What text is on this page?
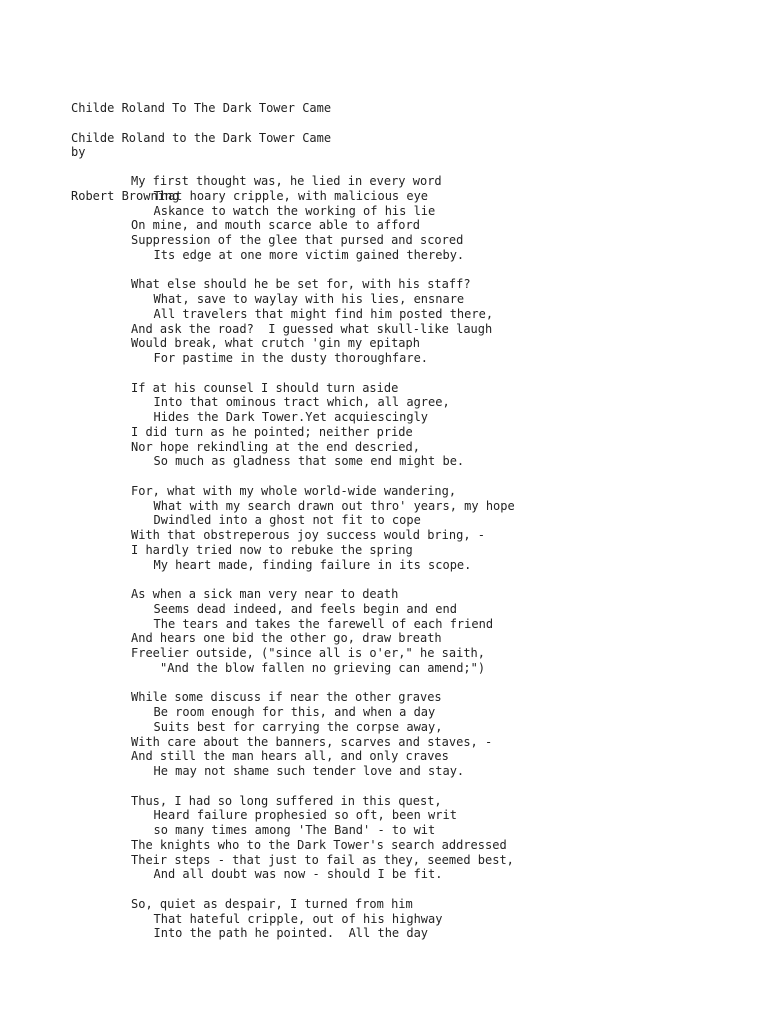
Childe Roland To The Dark Tower Came

by

Robert Browning

Childe Roland to the Dark Tower Came
My first thought was, he lied in every word
That hoary cripple, with malicious eye
Askance to watch the working of his lie
On mine, and mouth scarce able to afford
Suppression of the glee that pursed and scored
Its edge at one more victim gained thereby.
What else should he be set for, with his staff?
What, save to waylay with his lies, ensnare
All travelers that might find him posted there,
And ask the road?  I guessed what skull-like laugh
Would break, what crutch 'gin my epitaph
For pastime in the dusty thoroughfare.
If at his counsel I should turn aside
Into that ominous tract which, all agree,
Hides the Dark Tower.Yet acquiescingly
I did turn as he pointed; neither pride
Nor hope rekindling at the end descried,
So much as gladness that some end might be.
For, what with my whole world-wide wandering,
What with my search drawn out thro' years, my hope
Dwindled into a ghost not fit to cope
With that obstreperous joy success would bring, -
I hardly tried now to rebuke the spring
My heart made, finding failure in its scope.
As when a sick man very near to death
Seems dead indeed, and feels begin and end
The tears and takes the farewell of each friend
And hears one bid the other go, draw breath
Freelier outside, ("since all is o'er," he saith,
"And the blow fallen no grieving can amend;")
While some discuss if near the other graves
Be room enough for this, and when a day
Suits best for carrying the corpse away,
With care about the banners, scarves and staves, -
And still the man hears all, and only craves
He may not shame such tender love and stay.
Thus, I had so long suffered in this quest,
Heard failure prophesied so oft, been writ
so many times among 'The Band' - to wit
The knights who to the Dark Tower's search addressed
Their steps - that just to fail as they, seemed best,
And all doubt was now - should I be fit.
So, quiet as despair, I turned from him
That hateful cripple, out of his highway
Into the path he pointed.  All the day
